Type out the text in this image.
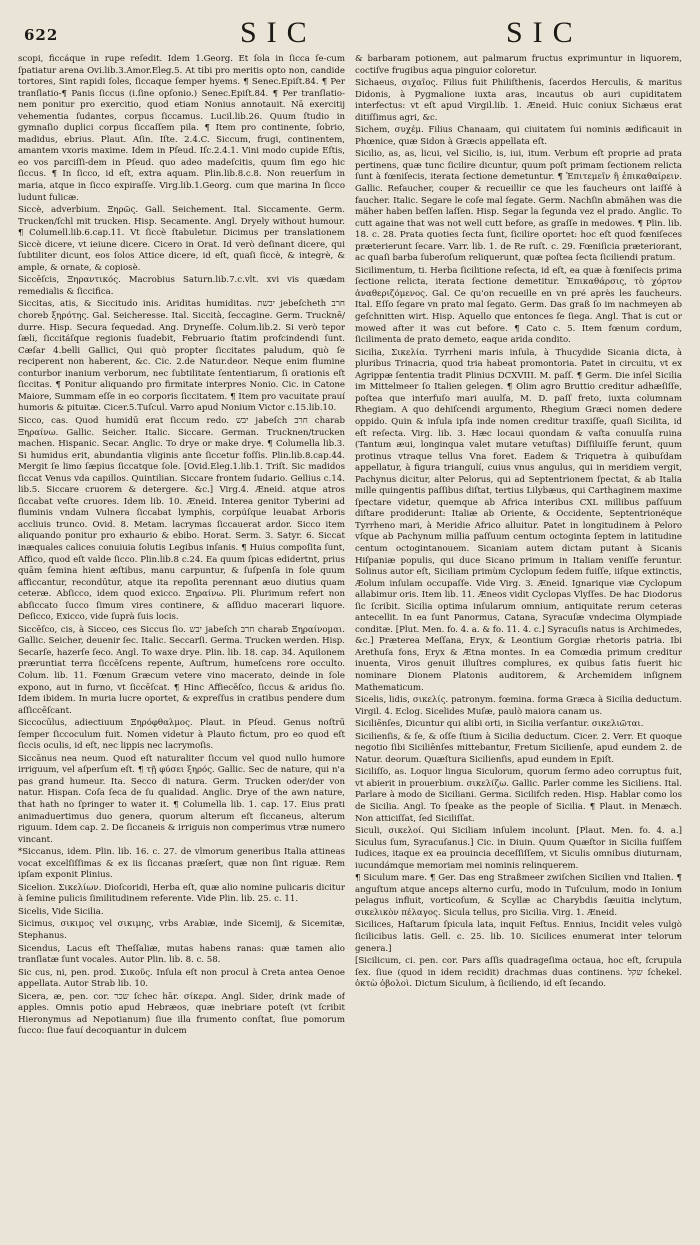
622	SIC	SIC

scopi, ficcáque in rupe reſedit. Idem 1.Georg. Et ſola in ſicca ſe-cum ſpatiatur arena Ovi.lib.3.Amor.Eleg.5. At tibi pro meritis opto non, candide tortores, Sint rapidi ſoles, ſiccaque ſemper hyems. ¶ Senec.Epiſt.84. ¶ Per tranſlatio-¶ Panis ſiccus (i.ſine opſonio.) Senec.Epiſt.84. ¶ Per tranſlatio-nem ponitur pro exercitio, quod etiam Nonius annotauit. Nā exercitij vehementia ſudantes, corpus ſiccamus. Lucil.lib.26. Quum ſtudio in gymnaſio duplici corpus ſiccaſſem pila. ¶ Item pro continente, ſobrio, madidus, ebrius. Plaut. Aſin. Iſte. 2.4.C. Siccum, frugi, continentem, amantem vxoris maxime. Idem in Pſeud. Iſc.2.4.1. Vini modo cupide Eſtis, eo vos parciſſi-dem in Pſeud. quo adeo madeſcitis, quum ſim ego hic ſiccus. ¶ In ſicco, id eſt, extra aquam. Plin.lib.8.c.8. Non reuerſum in maria, atque in ſicco expiraſſe. Virg.lib.1.Georg. cum que marina In ſicco ludunt fulicæ.

Siccè, adverbium. Ξηρῶς. Gall. Seichement. Ital. Siccamente. Germ. Trucken/ſchl mit trucken. Hisp. Secamente. Angl. Dryely without humour. ¶ Columell.lib.6.cap.11. Vt ſiccè ſtabuletur. Dicimus per translationem Siccè dicere, vt ieiune dicere. Cicero in Orat. Id verò deſinant dicere, qui ſubtiliter dicunt, eos ſolos Attice dicere, id eſt, quaſi ſiccè, & integrè, & ample, & ornate, & copiosè.

Siccēſcis, Ξηραντικός. Macrobius Saturn.lib.7.c.vlt. xvi vis quædam remedialis & ſiccifica.

Siccitas, atis, & Siccitudo inis. Ariditas humiditas. יבשת jebeſcheth חרב choreb ξηρότης. Gal. Seicheresse. Ital. Siccità, ſeccagine. Germ. Trucknē/ durre. Hisp. Secura ſequedad. Ang. Dryneſſe. Colum.lib.2. Si verò tepor ſæli, ſiccitáſque regionis ſuadebit, Februario ſtatim profcindendi ſunt. Cæſar 4.belli Gallici, Qui quò propter ſiccitates paludum, quò ſe reciperent non haberent, &c. Cic. 2.de Natur.deor. Neque enim flumine conturbor inanium verborum, nec ſubtilitate ſententiarum, ſi orationis eſt ſiccitas. ¶ Ponitur aliquando pro firmitate interpres Nonio. Cic. in Catone Maiore, Summam eſſe in eo corporis ſiccitatem. ¶ Item pro vacuitate prauí humoris & pituitæ. Cicer.5.Tuſcul. Varro apud Nonium Victor c.15.lib.10.

Sicco, cas. Quod humidū erat ſiccum redo. יבש jabeſch חרב charab Ξηραίνω. Gallic. Seicher. Italic. Siccare. German. Trucknen/trucken machen. Hispanic. Secar. Anglic. To drye or make drye. ¶ Columella lib.3. Si humidus erit, abundantia vliginis ante ſiccetur foſſis. Plin.lib.8.cap.44. Mergit ſe limo ſæpius ſiccatque ſole. [Ovid.Eleg.1.lib.1. Triſt. Sic madidos ſiccat Venus vda capillos. Quintilian. Siccare frontem ſudario. Gellius c.14. lib.5. Siccare cruorem & detergere. &c.] Virg.4. Æneid. atque atros ſiccabat veſte cruores. Idem lib. 10. Æneid. Interea genitor Tyberini ad fluminis vndam Vulnera ſiccabat lymphis, corpúſque leuabat Arboris accliuis trunco. Ovid. 8. Metam. lacrymas ſiccauerat ardor. Sicco item aliquando ponitur pro exhaurio & ebibo. Horat. Serm. 3. Satyr. 6. Siccat inæquales calices conuiuia ſolutis Legibus inſanis. ¶ Huius compoſita ſunt, Affico, quod eſt valde ſicco. Plin.lib.8 c.24. Ea quum ſpicas edidertnt, prius quām ſemina hient æſtibus, manu carpuntur, & ſuſpenſa in ſole quum afficcantur, recondūtur, atque ita repoſita perennant æuo diutius quam ceteræ. Abſicco, idem quod exicco. Ξηραίνω. Pli. Plurimum refert non abſiccato ſucco ſimum vires continere, & aſſiduo macerari liquore. Deſicco, Exicco, vide ſuprà ſuis locis.

Siccēſco, cis, à Sicceo, ces Siccus ſio. יבש jabeſch חרב charab Ξηραίνομαι. Gallic. Seicher, deuenir ſec. Italic. Seccarſi. Germa. Trucken werden. Hisp. Secarſe, hazerſe ſeco. Angl. To waxe drye. Plin. lib. 18. cap. 34. Aquilonem præruntiat terra ſiccēſcens repente, Auſtrum, humeſcens rore occulto. Colum. lib. 11. Fœnum Græcum vetere vino macerato, deinde in ſole expono, aut in furno, vt ſiccēſcat. ¶ Hinc Affiecēſco, ſiccus & aridus ſio. Idem ibidem. In muria lucre oportet, & expreſſus in cratibus pendere dum aſſiccēſcant.

Siccocūlus, adiectiuum Ξηρόφθαλμος. Plaut. in Pſeud. Genus noſtrū ſemper ſiccoculum fuit. Nomen videtur à Plauto fictum, pro eo quod eſt ſiccis oculis, id eſt, nec lippis nec lacrymoſis.

Siccānus nea neum. Quod eſt naturaliter ſiccum vel quod nullo humore irriguum, vel aſperſum eſt. ¶ τῇ φύσει ξηρός. Gallic. Sec de nature, qui n'a pas grand humeur. Ita. Secco di natura. Germ. Trucken oder/der von natur. Hispan. Coſa ſeca de ſu qualidad. Anglic. Drye of the awn nature, that hath no ſpringer to water it. ¶ Columella lib. 1. cap. 17. Eius prati animaduertimus duo genera, quorum alterum eſt ſiccaneus, alterum riguum. Idem cap. 2. De ſiccaneis & irriguis non comperimus vtræ numero vincant.

*Siccanus, idem. Plin. lib. 16. c. 27. de vlmorum generibus Italia attineas vocat excelſiſſimas & ex iis ſiccanas præſert, quæ non ſint riguæ. Rem ipſam exponit Plinius.

Sicelion. Σικελίων. Dioſcoridi, Herba eſt, quæ alio nomine pulicaris dicitur à ſemine pulicis ſimilitudinem referente. Vide Plin. lib. 25. c. 11.

Sicelis, Vide Sicilia.

Sicimus, σικιμος vel σικιμης, vrbs Arabiæ, inde Sicemij, & Sicemitæ, Stephanus.

Sicendus, Lacus eſt Theſſaliæ, mutas habens ranas: quæ tamen alio tranſlatæ ſunt vocales. Autor Plin. lib. 8. c. 58.

Sic cus, ni, pen. prod. Σικοῦς. Inſula eſt non procul à Creta antea Oenoe appellata. Autor Strab lib. 10.

Sicera, æ, pen. cor. שכר ſchec hār. σίκερα. Angl. Sider, drink made of apples. Omnis potio apud Hebræos, quæ inebriare poteſt (vt ſcribit Hieronymus ad Nepotianum) ſiue illa frumento conſtat, ſiue pomorum ſucco: ſiue fauí decoquantur in dulcem

& barbaram potionem, aut palmarum fructus exprimuntur in liquorem, coctiſve frugibus aqua pinguior coloretur.

Sichaeus, σιχαῖος. Filius fuit Philiſthenis, ſacerdos Herculis, & maritus Didonis, à Pygmalione iuxta aras, incautus ob auri cupiditatem interfectus: vt eſt apud Virgil.lib. 1. Æneid. Huic coniux Sichæus erat ditiſſimus agri, &c.

Sichem, συχέμ. Filius Chanaam, qui ciuitatem ſui nominis ædificauit in Phœnice, quæ Sidon à Græcis appellata eſt.

Sicilio, as, as, licui, vel Sicilio, is, iui, itum. Verbum eſt proprie ad prata pertinens, quæ tunc ſicilire dicuntur, quum poſt primam ſectionem relicta ſunt à fœniſecis, iterata ſectione demetuntur. ¶ Ἐπιτεμεῖν ἢ ἐπικαθαίρειν. Gallic. Refaucher, couper & recueillir ce que les faucheurs ont laiſſé à faucher. Italic. Segare le coſe mal ſegate. Germ. Nachſin abmähen was die mäher haben beſſen laſſen. Hisp. Segar la ſegunda vez el prado. Anglic. To cutt againe that was not well cutt before, as graſſe in medowes. ¶ Plin. lib. 18. c. 28. Prata quoties ſecta ſunt, ſicilire oportet: hoc eſt quod fœniſeces præterierunt ſecare. Varr. lib. 1. de Re ruſt. c. 29. Fœniſicia præteriorant, ac quaſi barba ſuberoſum reliquerunt, quæ poſtea ſecta ſiciliendi pratum.

Sicilimentum, ti. Herba ſicilitione reſecta, id eſt, ea quæ à fœniſecis prima ſectione relicta, iterata ſectione demetitur. Ἐπικαθάρσις, τὸ χόρτον ἀναθεριζόμενος. Gal. Ce qu'on recueille en vn pré après les faucheurs. Ital. Eſſo ſegare vn prato mal ſegato. Germ. Das graß ſo im nachmeyen ab geſchnitten wirt. Hisp. Aquello que entonces ſe ſiega. Angl. That is cut or mowed after it was cut before. ¶ Cato c. 5. Item fœnum cordum, ſicilimenta de prato demeto, eaque arida condito.

Sicilia, Σικελία. Tyrrheni maris inſula, à Thucydide Sicania dicta, à pluribus Trinacria, quod tria habeat promontoria. Patet in circuitu, vt ex Agrippæ ſententia tradit Plinius DCXVIII. M. paſſ. ¶ Germ. Die inſel Sicilia im Mittelmeer ſo Italien gelegen. ¶ Olim agro Bruttio creditur adhæſiſſe, poſtea que interfuſo mari auulſa, M. D. paſſ freto, iuxta columnam Rhegiam. A quo dehiſcendi argumento, Rhegium Græci nomen dedere oppido. Quin & inſula ipſa inde nomen creditur traxiſſe, quaſi Sicilita, id eſt reſecta. Virg. lib. 3. Hæc locaui quondam & vaſta conuulſa ruina (Tantum æui, longinqua valet mutare vetuſtas) Diſſiluiſſe ferunt, quum protinus vtraque tellus Vna foret. Eadem & Triquetra à quibuſdam appellatur, à figura triangulí, cuius vnus angulus, qui in meridiem vergit, Pachynus dicitur, alter Pelorus, qui ad Septentrionem ſpectat, & ab Italia mille quingentis paſſibus diſtat, tertius Lilybæus, qui Carthaginem maxime ſpectare videtur, quemque ab Africa interibus CXL millibus paſſuum diſtare prodiderunt: Italiæ ab Oriente, & Occidente, Septentrionéque Tyrrheno mari, à Meridie Africo alluitur. Patet in longitudinem à Peloro vſque ab Pachynum millia paſſuum centum octoginta ſeptem in latitudine centum octogintanouem. Sicaniam autem dictam putant à Sicanis Hiſpaniæ populis, qui duce Sicano primum in Italiam veniſſe feruntur. Solinus autor eſt, Siciliam primùm Cyclopum ſedem fuiſſe, iiſque extinctis, Æolum inſulam occupaſſe. Vide Virg. 3. Æneid. Ignarique viæ Cyclopum allabimur oris. Item lib. 11. Æneos vidit Cyclopas Vlyſſes. De hac Diodorus ſic ſcribit. Sicilia optima inſularum omnium, antiquitate rerum ceteras antecellit. In ea ſunt Panormus, Catana, Syracuſæ vndecima Olympiade conditæ. [Plut. Men. fo. 4. a. & fo. 11. 4. c.] Syracuſis natus is Archimedes, &c.] Præterea Meſſana, Eryx, & Leontium Gorgiæ rhetoris patria. Ibi Arethuſa fons, Eryx & Ætna montes. In ea Comœdia primum creditur inuenta, Viros genuit illuſtres complures, ex quibus ſatis fuerit hic nominare Dionem Platonis auditorem, & Archemidem inſignem Mathematicum.

Sicelis, lidis, σικελίς. patronym. fœmina. forma Græca à Sicilia deductum. Virgil. 4. Eclog. Sicelides Muſæ, paulò maiora canam us.

Siciliēnſes, Dicuntur qui alibi orti, in Sicilia verſantur. σικελιῶται.

Sicilienſis, & ſe, & oſſe ſtium à Sicilia deductum. Cicer. 2. Verr. Et quoque negotio ſibi Siciliēnſes mittebantur, Fretum Sicilienſe, apud eundem 2. de Natur. deorum. Quæſtura Sicilienſis, apud eundem in Epiſt.

Siciliſſo, as. Loquor lingua Siculorum, quorum ſermo adeo corruptus fuit, vt abierit in prouerbium. σικελίζω. Gallic. Parler comme les Siciliens. Ital. Parlare à modo de Siciliani. Germa. Sicilifch reden. Hisp. Hablar como los de Sicilia. Angl. To ſpeake as the people of Sicilia. ¶ Plaut. in Menæch. Non atticiſſat, ſed Siciliſſat.

Siculi, σικελοί. Qui Siciliam inſulem incolunt. [Plaut. Men. fo. 4. a.] Siculus ſum, Syracuſanus.] Cic. in Diuin. Quum Quæſtor in Sicilia fuiſſem Iudices, itaque ex ea prouincia deceſſiſſem, vt Siculis omnibus diuturnam, iucundámque memoriam mei nominis relinquerem.

¶ Siculum mare. ¶ Ger. Das eng Straßmeer zwiſchen Sicilien vnd Italien. ¶ anguſtum atque anceps alterno curſu, modo in Tuſculum, modo in Ionium pelagus influit, vorticoſum, & Scyllæ ac Charybdis ſæuitia inclytum, σικελικὸν πέλαγος. Sicula tellus, pro Sicilia. Virg. 1. Æneid.

Sicilices, Haſtarum ſpicula lata, inquit Feſtus. Ennius, Incidit veles vulgò ſicilicibus latis. Gell. c. 25. lib. 10. Sicilices enumerat inter telorum genera.]

[Sicilicum, ci. pen. cor. Pars aſſis quadrageſima octaua, hoc eſt, ſcrupula ſex. ſiue (quod in idem recidit) drachmas duas continens. שקל ſchekel. ὀκτὼ ὀβολοὶ. Dictum Siculum, à ſiciliendo, id eſt ſecando.
